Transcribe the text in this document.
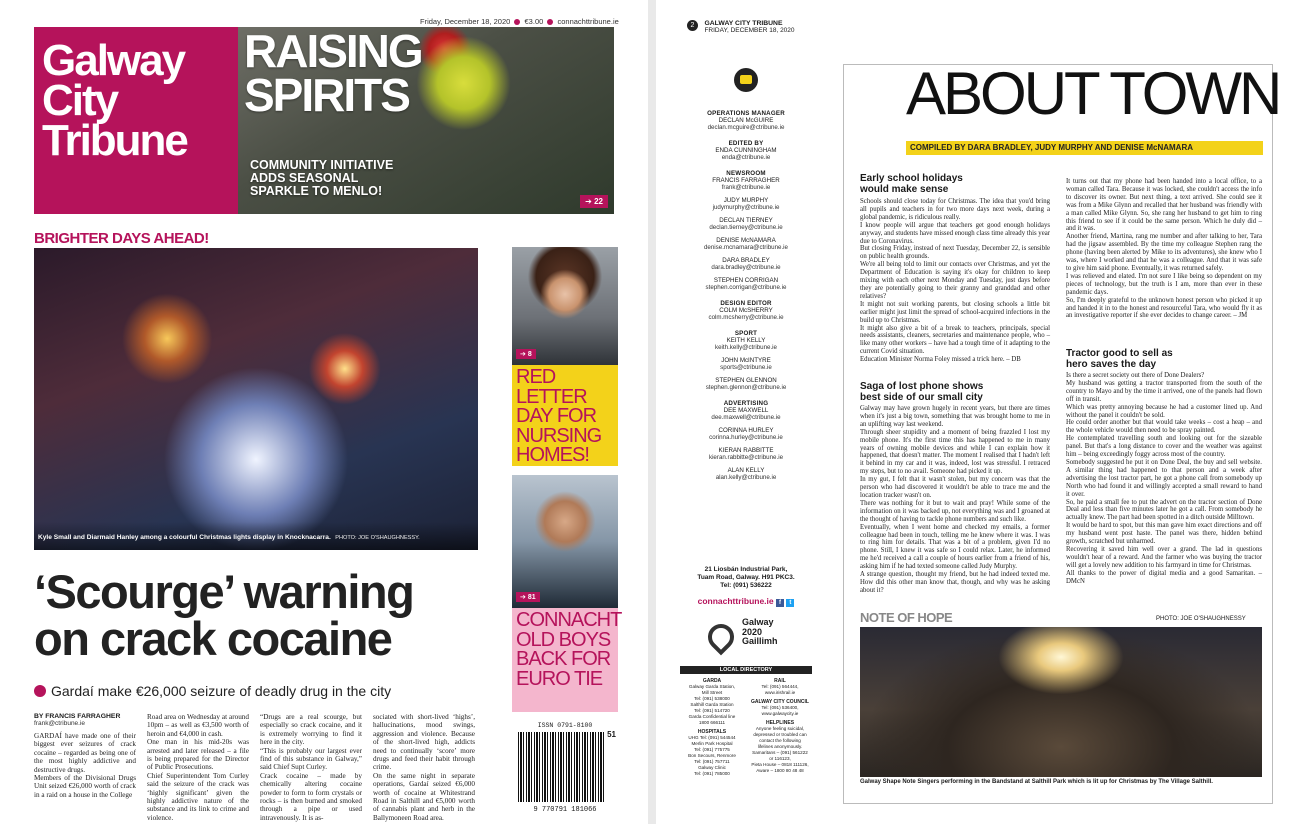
Friday, December 18, 2020 €3.00 connachttribune.ie
Galway
City
Tribune
RAISING
SPIRITS
COMMUNITY INITIATIVE
ADDS SEASONAL
SPARKLE TO MENLO!
➔ 22
BRIGHTER DAYS AHEAD!
Kyle Small and Diarmaid Hanley among a colourful Christmas lights display in Knocknacarra. PHOTO: JOE O'SHAUGHNESSY.
➔ 8
RED LETTER
DAY FOR
NURSING
HOMES!
➔ 81
CONNACHT
OLD BOYS
BACK FOR
EURO TIE
‘Scourge’ warning
on crack cocaine
Gardaí make €26,000 seizure of deadly drug in the city
BY FRANCIS FARRAGHER
frank@ctribune.ie
GARDAÍ have made one of their biggest ever seizures of crack cocaine – regarded as being one of the most highly addictive and destructive drugs.
Members of the Divisional Drugs Unit seized €26,000 worth of crack in a raid on a house in the College
Road area on Wednesday at around 10pm – as well as €3,500 worth of heroin and €4,000 in cash.
One man in his mid-20s was arrested and later released – a file is being prepared for the Director of Public Prosecutions.
Chief Superintendent Tom Curley said the seizure of the crack was ‘highly significant’ given the highly addictive nature of the substance and its link to crime and violence.
“Drugs are a real scourge, but especially so crack cocaine, and it is extremely worrying to find it here in the city.
“This is probably our largest ever find of this substance in Galway,” said Chief Supt Curley.
Crack cocaine – made by chemically altering cocaine powder to form to form crystals or rocks – is then burned and smoked through a pipe or used intravenously. It is as-
sociated with short-lived ‘highs’, hallucinations, mood swings, aggression and violence. Because of the short-lived high, addicts need to continually ‘score’ more drugs and feed their habit through crime.
On the same night in separate operations, Gardaí seized €6,000 worth of cocaine at Whitestrand Road in Salthill and €5,000 worth of cannabis plant and herb in the Ballymoneen Road area.
ISSN 0791-8100
51
9 770791 181066
2 GALWAY CITY TRIBUNE
FRIDAY, DECEMBER 18, 2020
OPERATIONS MANAGER
DECLAN McGUIRE
declan.mcguire@ctribune.ie
EDITED BY
ENDA CUNNINGHAM
enda@ctribune.ie
NEWSROOM
FRANCIS FARRAGHER
frank@ctribune.ie
JUDY MURPHY
judymurphy@ctribune.ie
DECLAN TIERNEY
declan.tierney@ctribune.ie
DENISE McNAMARA
denise.mcnamara@ctribune.ie
DARA BRADLEY
dara.bradley@ctribune.ie
STEPHEN CORRIGAN
stephen.corrigan@ctribune.ie
DESIGN EDITOR
COLM McSHERRY
colm.mcsherry@ctribune.ie
SPORT
KEITH KELLY
keith.kelly@ctribune.ie
JOHN McINTYRE
sports@ctribune.ie
STEPHEN GLENNON
stephen.glennon@ctribune.ie
ADVERTISING
DEE MAXWELL
dee.maxwell@ctribune.ie
CORINNA HURLEY
corinna.hurley@ctribune.ie
KIERAN RABBITTE
kieran.rabbitte@ctribune.ie
ALAN KELLY
alan.kelly@ctribune.ie
21 Liosbán Industrial Park,
Tuam Road, Galway. H91 PKC3.
Tel: (091) 536222
connachttribune.ie f t
Galway
2020
Gaillimh
LOCAL DIRECTORY
GARDA
Galway Garda Station,
Mill Street
Tel: (091) 538000
Salthill Garda Station
Tel: (091) 514720
Garda Confidential line
1800 666111
HOSPITALS
UHG Tel: (091) 544544
Merlin Park Hospital
Tel: (091) 775775
Bon Secours, Renmore
Tel: (091) 757711
Galway Clinic
Tel: (091) 785000
RAIL
Tel: (091) 564444,
www.irishrail.ie
GALWAY CITY COUNCIL
Tel: (091) 536400,
www.galwaycity.ie
HELPLINES
Anyone feeling suicidal,
depressed or troubled can
contact the following
lifelines anonymously.
Samaritans – (091) 561222
or 116123,
Pieta House – 0818 111126,
Aware – 1800 80 48 48
ABOUT TOWN
COMPILED BY DARA BRADLEY, JUDY MURPHY AND DENISE McNAMARA
Early school holidays
would make sense
Schools should close today for Christmas. The idea that you'd bring all pupils and teachers in for two more days next week, during a global pandemic, is ridiculous really.
I know people will argue that teachers get good enough holidays anyway, and students have missed enough class time already this year due to Coronavirus.
But closing Friday, instead of next Tuesday, December 22, is sensible on public health grounds.
We're all being told to limit our contacts over Christmas, and yet the Department of Education is saying it's okay for children to keep mixing with each other next Monday and Tuesday, just days before they are potentially going to their granny and granddad and other relatives?
It might not suit working parents, but closing schools a little bit earlier might just limit the spread of school-acquired infections in the build up to Christmas.
It might also give a bit of a break to teachers, principals, special needs assistants, cleaners, secretaries and maintenance people, who – like many other workers – have had a tough time of it adapting to the current Covid situation.
Education Minister Norma Foley missed a trick here. – DB
Saga of lost phone shows
best side of our small city
Galway may have grown hugely in recent years, but there are times when it's just a big town, something that was brought home to me in an uplifting way last weekend.
Through sheer stupidity and a moment of being frazzled I lost my mobile phone. It's the first time this has happened to me in many years of owning mobile devices and while I can explain how it happened, that doesn't matter. The moment I realised that I hadn't left it behind in my car and it was, indeed, lost was stressful. I retraced my steps, but to no avail. Someone had picked it up.
In my gut, I felt that it wasn't stolen, but my concern was that the person who had discovered it wouldn't be able to trace me and the location tracker wasn't on.
There was nothing for it but to wait and pray! While some of the information on it was backed up, not everything was and I groaned at the thought of having to tackle phone numbers and such like.
Eventually, when I went home and checked my emails, a former colleague had been in touch, telling me he knew where it was. I was to ring him for details. That was a bit of a problem, given I'd no phone. Still, I knew it was safe so I could relax. Later, he informed me he'd received a call a couple of hours earlier from a friend of his, asking him if he had texted someone called Judy Murphy.
A strange question, thought my friend, but he had indeed texted me. How did this other man know that, though, and why was he asking about it?
It turns out that my phone had been handed into a local office, to a woman called Tara. Because it was locked, she couldn't access the info to discover its owner. But next thing, a text arrived. She could see it was from a Mike Glynn and recalled that her husband was friendly with a man called Mike Glynn. So, she rang her husband to get him to ring this friend to see if it could be the same person. Which he duly did – and it was.
Another friend, Martina, rang me number and after talking to her, Tara had the jigsaw assembled. By the time my colleague Stephen rang the phone (having been alerted by Mike to its adventures), she knew who I was, where I worked and that he was a colleague. And that it was safe to give him said phone. Eventually, it was returned safely.
I was relieved and elated. I'm not sure I like being so dependent on my pieces of technology, but the truth is I am, more than ever in these pandemic days.
So, I'm deeply grateful to the unknown honest person who picked it up and handed it in to the honest and resourceful Tara, who would fly it as an investigative reporter if she ever decides to change career. – JM
Tractor good to sell as
hero saves the day
Is there a secret society out there of Done Dealers?
My husband was getting a tractor transported from the south of the country to Mayo and by the time it arrived, one of the panels had flown off in transit.
Which was pretty annoying because he had a customer lined up. And without the panel it couldn't be sold.
He could order another but that would take weeks – cost a heap – and the whole vehicle would then need to be spray painted.
He contemplated travelling south and looking out for the sizeable panel. But that's a long distance to cover and the weather was against him – being exceedingly foggy across most of the country.
Somebody suggested he put it on Done Deal, the buy and sell website. A similar thing had happened to that person and a week after advertising the lost tractor part, he got a phone call from somebody up North who had found it and willingly accepted a small reward to hand it over.
So, he paid a small fee to put the advert on the tractor section of Done Deal and less than five minutes later he got a call. From somebody he actually knew. The part had been spotted in a ditch outside Milltown.
It would be hard to spot, but this man gave him exact directions and off my husband went post haste. The panel was there, hidden behind growth, scratched but unharmed.
Recovering it saved him well over a grand. The lad in questions wouldn't hear of a reward. And the farmer who was buying the tractor will get a lovely new addition to his farmyard in time for Christmas.
All thanks to the power of digital media and a good Samaritan. – DMcN
NOTE OF HOPE	PHOTO: JOE O'SHAUGHNESSY
Galway Shape Note Singers performing in the Bandstand at Salthill Park which is lit up for Christmas by The Village Salthill.
